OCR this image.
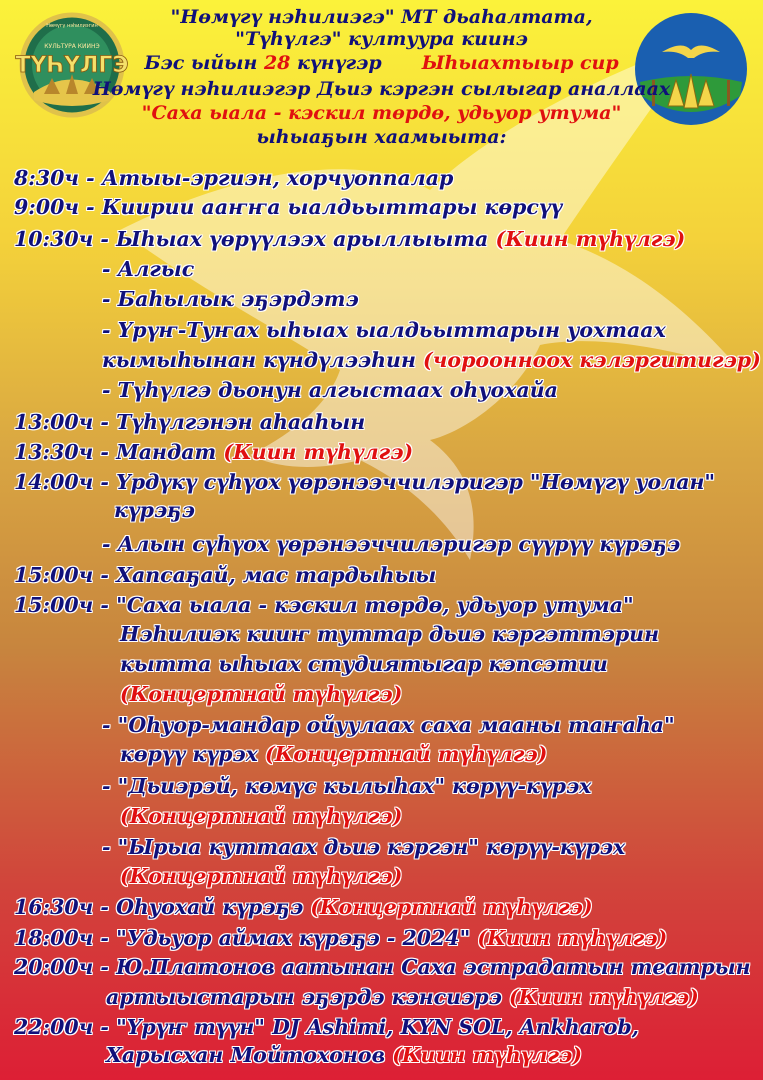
ТҮҺҮЛГЭ
КУЛЬТУРА КИИНЭ
Нөмүгү нэһилиэгин	"Нөмүгү нэһилиэгэ" МТ дьаһалтата,
"Түһүлгэ" култуура киинэ
Бэс ыйын 28 күнүгэр Ыһыахтыыр сир
Нөмүгү нэһилиэгэр Дьиэ кэргэн сылыгар аналлаах
"Саха ыала - кэскил төрдө, удьуор утума"
ыһыаҕын хаамыыта:
8:30ч - Атыы-эргиэн, хорчуоппалар
9:00ч - Киирии ааҥҥа ыалдьыттары көрсүү
10:30ч - Ыһыах үөрүүлээх арыллыыта (Киин түһүлгэ)
- Алгыс
- Баһылык эҕэрдэтэ
- Үрүҥ-Туҥах ыһыах ыалдьыттарын уохтаах
кымыһынан күндүлээһин (чороонноох кэлэргитигэр)
- Түһүлгэ дьонун алгыстаах оһуохайа
13:00ч - Түһүлгэнэн аһааһын
13:30ч - Мандат (Киин түһүлгэ)
14:00ч - Үрдүкү сүһүох үөрэнээччилэригэр "Нөмүгү уолан"
күрэҕэ
- Алын сүһүох үөрэнээччилэригэр сүүрүү күрэҕэ
15:00ч - Хапсаҕай, мас тардыһыы
15:00ч - "Саха ыала - кэскил төрдө, удьуор утума"
Нэһилиэк кииҥ туттар дьиэ кэргэттэрин
кытта ыһыах студиятыгар кэпсэтии
(Концертнай түһүлгэ)
- "Оһуор-мандар ойуулаах саха мааны таҥаһа"
көрүү күрэх (Концертнай түһүлгэ)
- "Дьиэрэй, көмүс кылыһах" көрүү-күрэх
(Концертнай түһүлгэ)
- "Ырыа куттаах дьиэ кэргэн" көрүү-күрэх
(Концертнай түһүлгэ)
16:30ч - Оһуохай күрэҕэ (Концертнай түһүлгэ)
18:00ч - "Удьуор аймах күрэҕэ - 2024" (Киин түһүлгэ)
20:00ч - Ю.Платонов аатынан Саха эстрадатын театрын
артыыстарын эҕэрдэ кэнсиэрэ (Киин түһүлгэ)
22:00ч - "Үрүҥ түүн" DJ Ashimi, KYN SOL, Ankharob,
Харысхан Мойтохонов (Киин түһүлгэ)
